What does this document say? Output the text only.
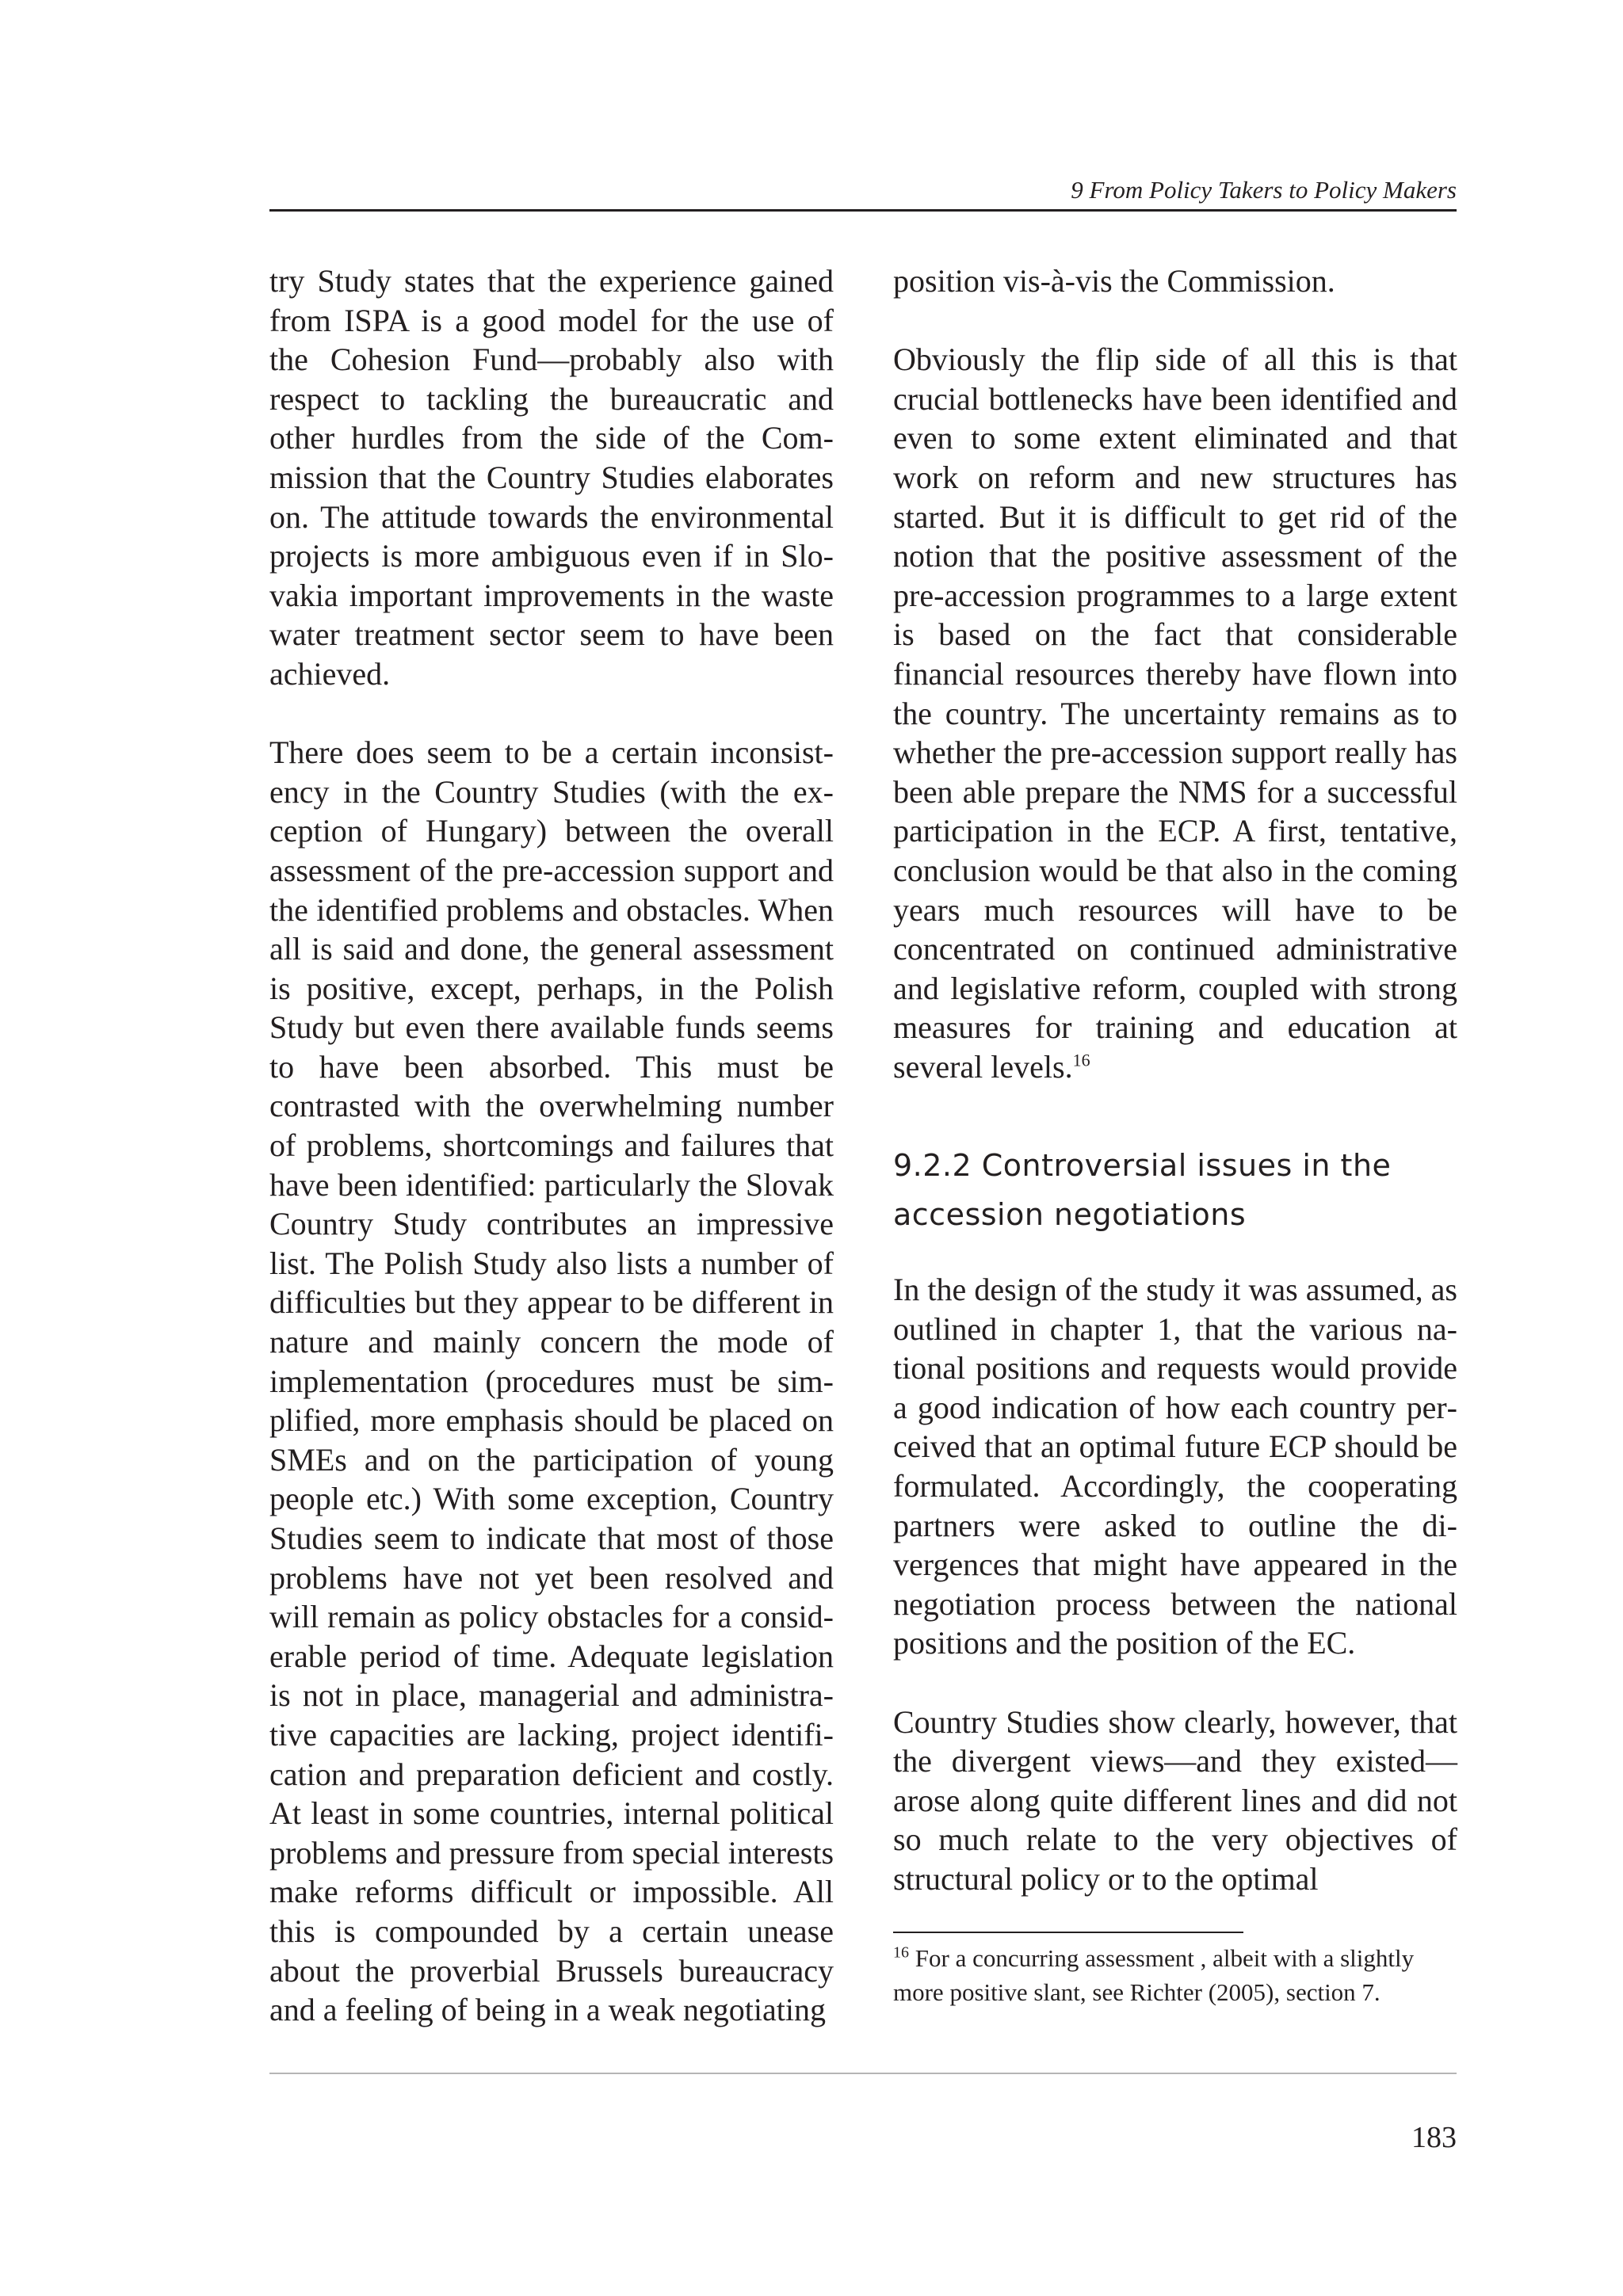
9 From Policy Takers to Policy Makers

try Study states that the experience gained from ISPA is a good model for the use of the Cohesion Fund—probably also with respect to tackling the bureaucratic and other hurdles from the side of the Commission that the Country Studies elaborates on. The attitude towards the environmental projects is more ambiguous even if in Slovakia important improvements in the waste water treatment sector seem to have been achieved.

There does seem to be a certain inconsistency in the Country Studies (with the exception of Hungary) between the overall assessment of the pre-accession support and the identified problems and obstacles. When all is said and done, the general assessment is positive, except, perhaps, in the Polish Study but even there available funds seems to have been absorbed. This must be contrasted with the overwhelming number of problems, shortcomings and failures that have been identified: particularly the Slovak Country Study contributes an impressive list. The Polish Study also lists a number of difficulties but they appear to be different in nature and mainly concern the mode of implementation (procedures must be simplified, more emphasis should be placed on SMEs and on the participation of young people etc.) With some exception, Country Studies seem to indicate that most of those problems have not yet been resolved and will remain as policy obstacles for a considerable period of time. Adequate legislation is not in place, managerial and administrative capacities are lacking, project identification and preparation deficient and costly. At least in some countries, internal political problems and pressure from special interests make reforms difficult or impossible. All this is compounded by a certain unease about the proverbial Brussels bureaucracy and a feeling of being in a weak negotiating

position vis-à-vis the Commission.

Obviously the flip side of all this is that crucial bottlenecks have been identified and even to some extent eliminated and that work on reform and new structures has started. But it is difficult to get rid of the notion that the positive assessment of the pre-accession programmes to a large extent is based on the fact that considerable financial resources thereby have flown into the country. The uncertainty remains as to whether the pre-accession support really has been able prepare the NMS for a successful participation in the ECP. A first, tentative, conclusion would be that also in the coming years much resources will have to be concentrated on continued administrative and legislative reform, coupled with strong measures for training and education at several levels.$^{16}$

9.2.2 Controversial issues in the
accession negotiations

In the design of the study it was assumed, as outlined in chapter 1, that the various national positions and requests would provide a good indication of how each country perceived that an optimal future ECP should be formulated. Accordingly, the cooperating partners were asked to outline the divergences that might have appeared in the negotiation process between the national positions and the position of the EC.

Country Studies show clearly, however, that the divergent views—and they existed—arose along quite different lines and did not so much relate to the very objectives of structural policy or to the optimal

$^{16}$ For a concurring assessment , albeit with a slightly more positive slant, see Richter (2005), section 7.
183
